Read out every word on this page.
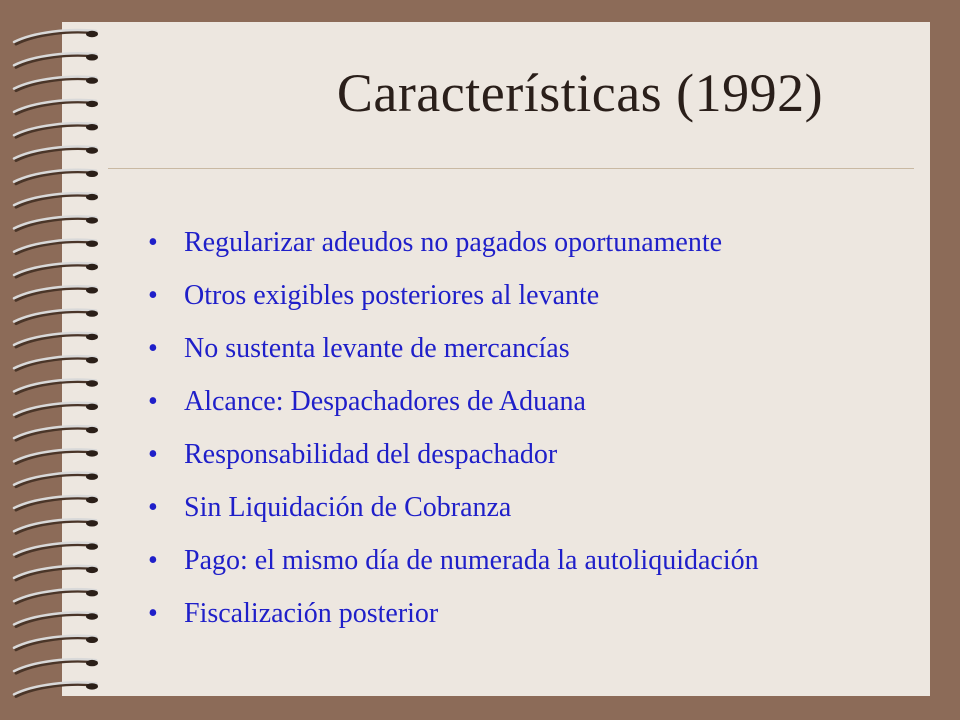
Características (1992)
• Regularizar adeudos no pagados oportunamente
• Otros exigibles posteriores al levante
• No sustenta levante de mercancías
• Alcance: Despachadores de Aduana
• Responsabilidad del despachador
• Sin Liquidación de Cobranza
• Pago: el mismo día de numerada la autoliquidación
• Fiscalización posterior
